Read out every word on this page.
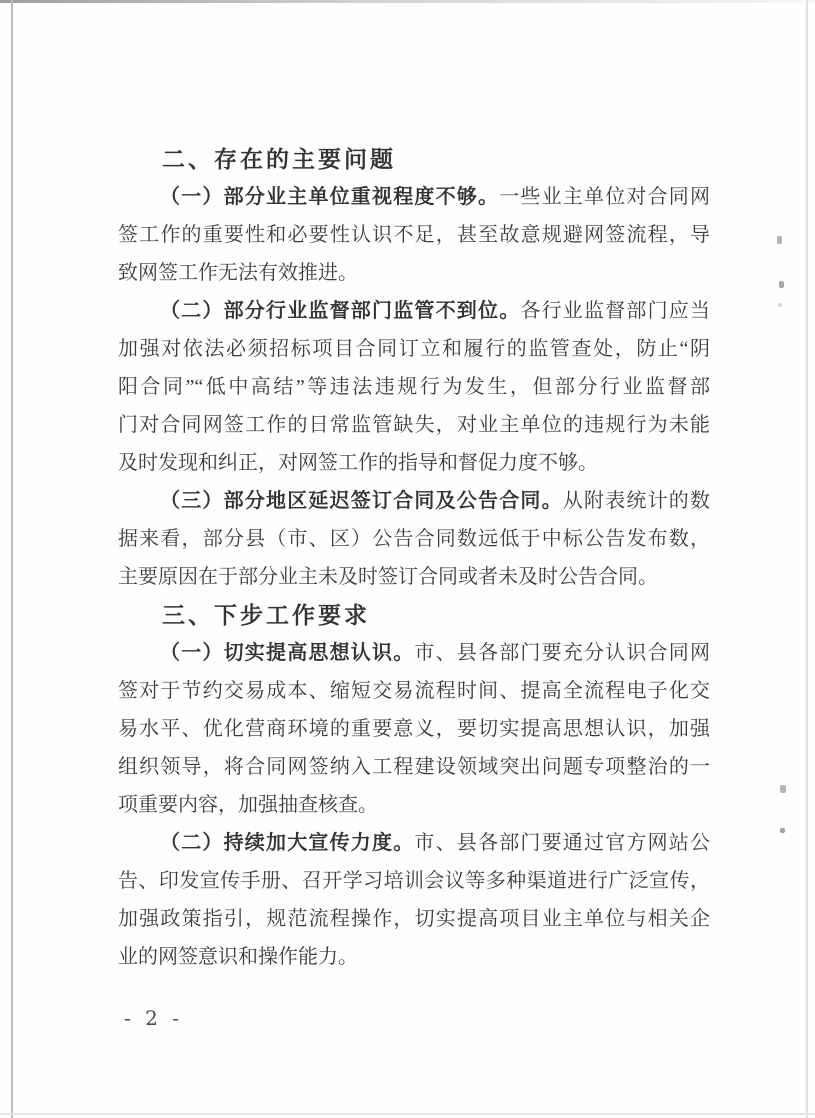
二、存在的主要问题
（一）部分业主单位重视程度不够。一些业主单位对合同网
签工作的重要性和必要性认识不足，甚至故意规避网签流程，导
致网签工作无法有效推进。
（二）部分行业监督部门监管不到位。各行业监督部门应当
加强对依法必须招标项目合同订立和履行的监管查处，防止“阴
阳合同”“低中高结”等违法违规行为发生，但部分行业监督部
门对合同网签工作的日常监管缺失，对业主单位的违规行为未能
及时发现和纠正，对网签工作的指导和督促力度不够。
（三）部分地区延迟签订合同及公告合同。从附表统计的数
据来看，部分县（市、区）公告合同数远低于中标公告发布数，
主要原因在于部分业主未及时签订合同或者未及时公告合同。
三、下步工作要求
（一）切实提高思想认识。市、县各部门要充分认识合同网
签对于节约交易成本、缩短交易流程时间、提高全流程电子化交
易水平、优化营商环境的重要意义，要切实提高思想认识，加强
组织领导，将合同网签纳入工程建设领域突出问题专项整治的一
项重要内容，加强抽查核查。
（二）持续加大宣传力度。市、县各部门要通过官方网站公
告、印发宣传手册、召开学习培训会议等多种渠道进行广泛宣传，
加强政策指引，规范流程操作，切实提高项目业主单位与相关企
业的网签意识和操作能力。
- 2 -
